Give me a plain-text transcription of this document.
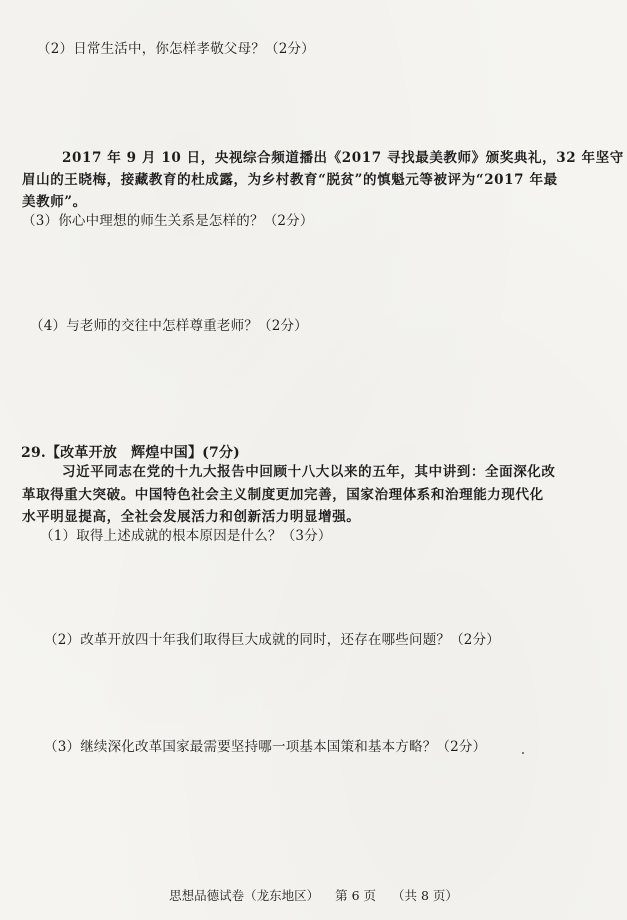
（2）日常生活中，你怎样孝敬父母？（2分）
2017 年 9 月 10 日，央视综合频道播出《2017 寻找最美教师》颁奖典礼，32 年坚守
眉山的王晓梅，接藏教育的杜成露，为乡村教育“脱贫”的慎魁元等被评为“2017 年最
美教师”。
（3）你心中理想的师生关系是怎样的？（2分）
（4）与老师的交往中怎样尊重老师？（2分）
29.【改革开放　辉煌中国】(7分)
习近平同志在党的十九大报告中回顾十八大以来的五年，其中讲到：全面深化改
革取得重大突破。中国特色社会主义制度更加完善，国家治理体系和治理能力现代化
水平明显提高，全社会发展活力和创新活力明显增强。
（1）取得上述成就的根本原因是什么？（3分）
（2）改革开放四十年我们取得巨大成就的同时，还存在哪些问题？（2分）
（3）继续深化改革国家最需要坚持哪一项基本国策和基本方略？（2分）
思想品德试卷（龙东地区） 第 6 页 （共 8 页）
